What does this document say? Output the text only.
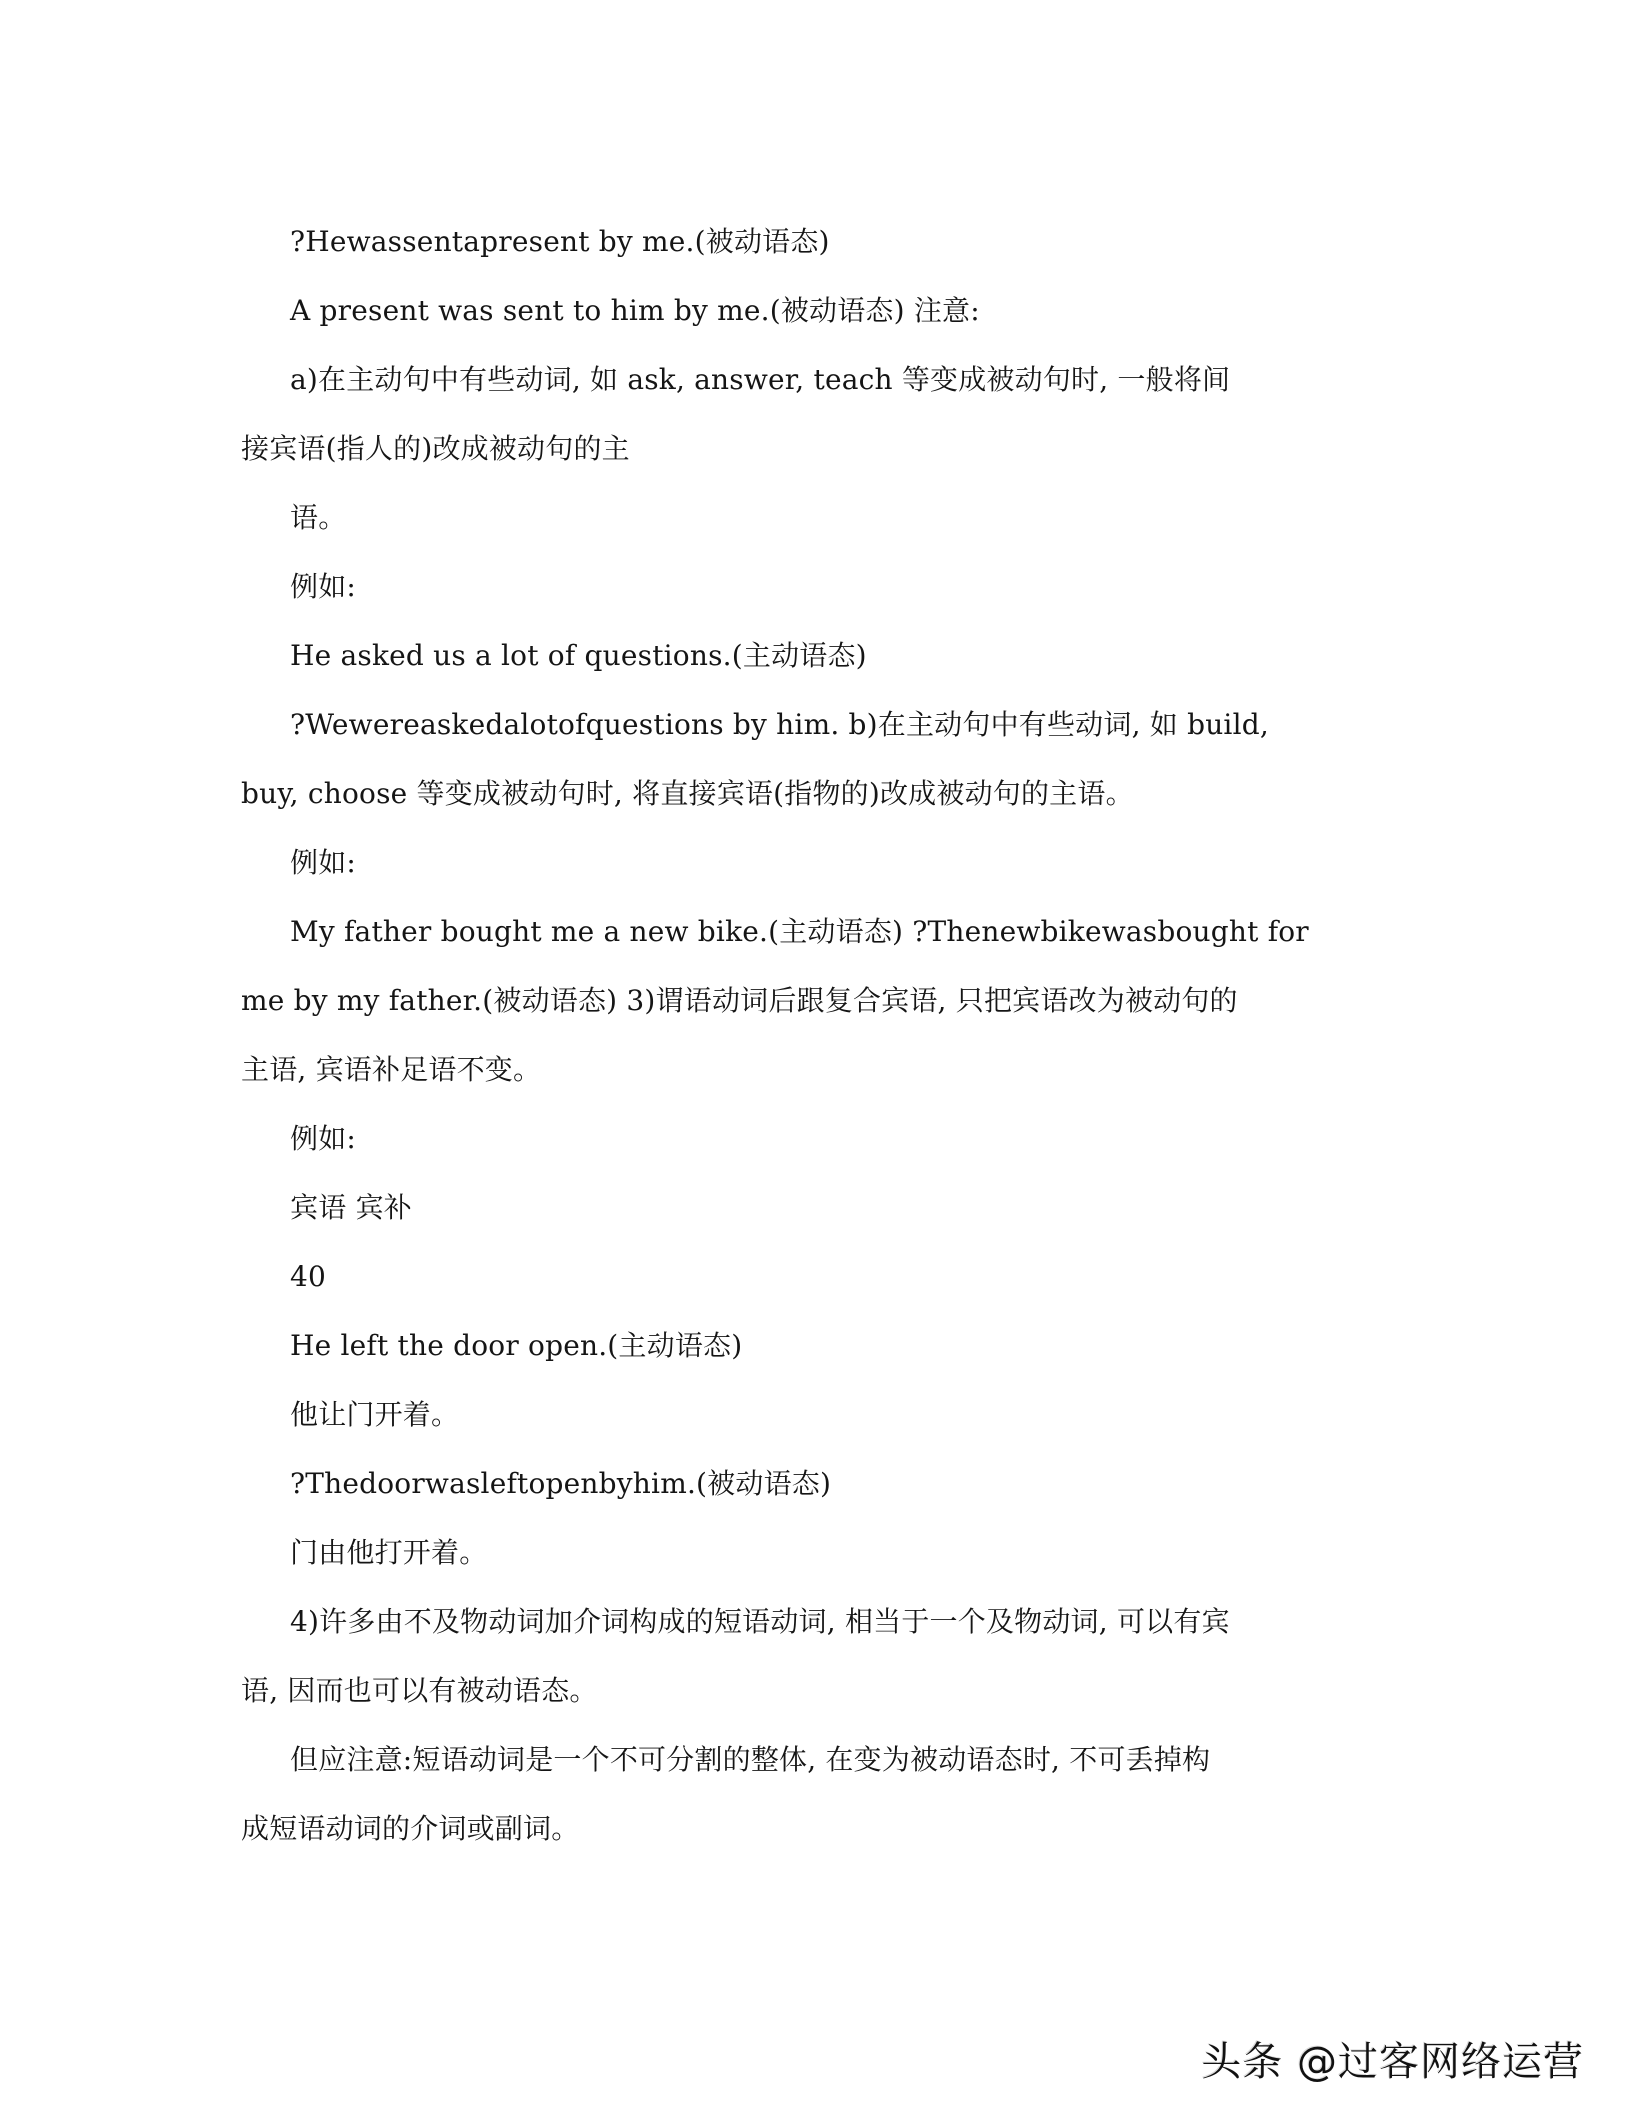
?Hewassentapresent by me.(被动语态)
A present was sent to him by me.(被动语态) 注意:
a)在主动句中有些动词, 如 ask, answer, teach 等变成被动句时, 一般将间
接宾语(指人的)改成被动句的主
语。
例如:
He asked us a lot of questions.(主动语态)
?Wewereaskedalotofquestions by him. b)在主动句中有些动词, 如 build,
buy, choose 等变成被动句时, 将直接宾语(指物的)改成被动句的主语。
例如:
My father bought me a new bike.(主动语态) ?Thenewbikewasbought for
me by my father.(被动语态) 3)谓语动词后跟复合宾语, 只把宾语改为被动句的
主语, 宾语补足语不变。
例如:
宾语 宾补
40
He left the door open.(主动语态)
他让门开着。
?Thedoorwasleftopenbyhim.(被动语态)
门由他打开着。
4)许多由不及物动词加介词构成的短语动词, 相当于一个及物动词, 可以有宾
语, 因而也可以有被动语态。
但应注意:短语动词是一个不可分割的整体, 在变为被动语态时, 不可丢掉构
成短语动词的介词或副词。
头条 @过客网络运营
